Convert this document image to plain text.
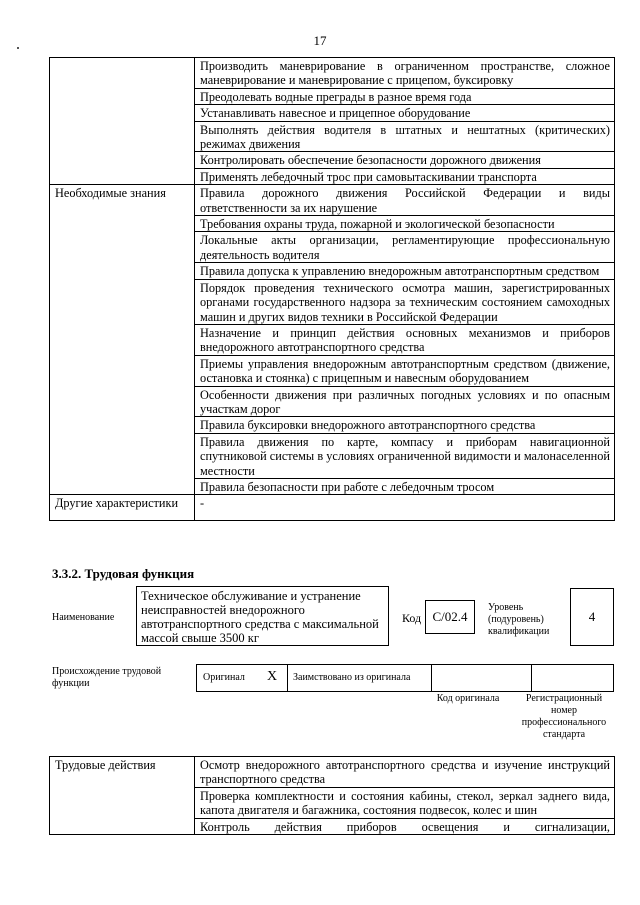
17
	Производить маневрирование в ограниченном пространстве, сложное маневрирование и маневрирование с прицепом, буксировку
	Преодолевать водные преграды в разное время года
	Устанавливать навесное и прицепное оборудование
	Выполнять действия водителя в штатных и нештатных (критических) режимах движения
	Контролировать обеспечение безопасности дорожного движения
	Применять лебедочный трос при самовытаскивании транспорта
Необходимые знания	Правила дорожного движения Российской Федерации и виды ответственности за их нарушение
	Требования охраны труда, пожарной и экологической безопасности
	Локальные акты организации, регламентирующие профессиональную деятельность водителя
	Правила допуска к управлению внедорожным автотранспортным средством
	Порядок проведения технического осмотра машин, зарегистрированных органами государственного надзора за техническим состоянием самоходных машин и других видов техники в Российской Федерации
	Назначение и принцип действия основных механизмов и приборов внедорожного автотранспортного средства
	Приемы управления внедорожным автотранспортным средством (движение, остановка и стоянка) с прицепным и навесным оборудованием
	Особенности движения при различных погодных условиях и по опасным участкам дорог
	Правила буксировки внедорожного автотранспортного средства
	Правила движения по карте, компасу и приборам навигационной спутниковой системы в условиях ограниченной видимости и малонаселенной местности
	Правила безопасности при работе с лебедочным тросом
Другие характеристики	-
3.3.2. Трудовая функция
Наименование
Техническое обслуживание и устранение неисправностей внедорожного автотранспортного средства с максимальной массой свыше 3500 кг
Код C/02.4
Уровень (подуровень) квалификации
4
Происхождение трудовой функции
Оригинал X Заимствовано из оригинала
Код оригинала	Регистрационный номер профессионального стандарта
Трудовые действия	Осмотр внедорожного автотранспортного средства и изучение инструкций транспортного средства
Проверка комплектности и состояния кабины, стекол, зеркал заднего вида, капота двигателя и багажника, состояния подвесок, колес и шин
Контроль действия приборов освещения и сигнализации,
